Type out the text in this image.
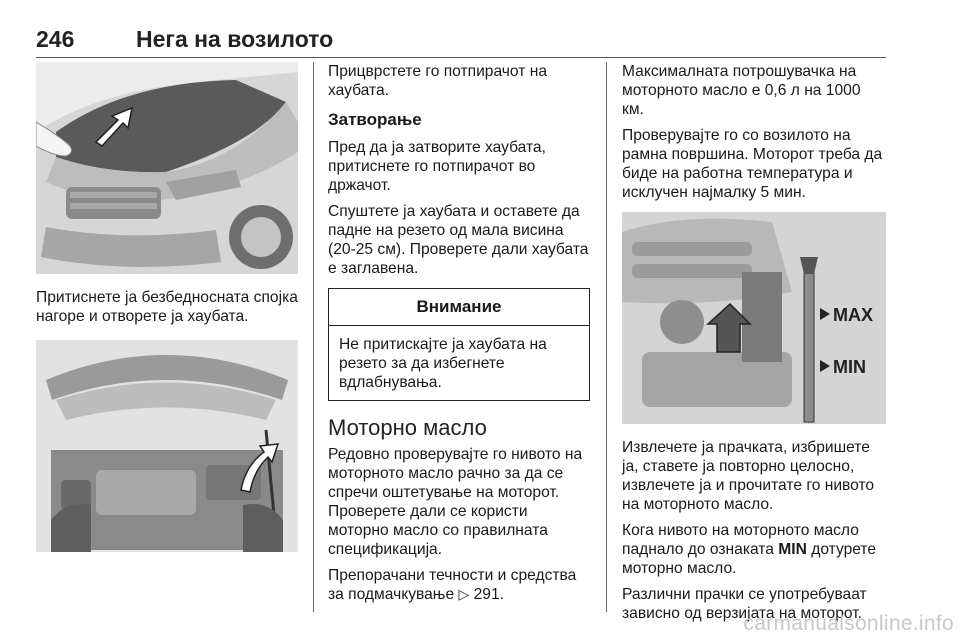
246	Нега на возилото

Притиснете ја безбедносната спојка нагоре и отворете ја хаубата.

Прицврстете го потпирачот на хаубата.

Затворање

Пред да ја затворите хаубата, притиснете го потпирачот во држачот.

Спуштете ја хаубата и оставете да падне на резето од мала висина (20-25 см). Проверете дали хаубата е заглавена.

Внимание
Не притискајте ја хаубата на резето за да избегнете вдлабнувања.
Моторно масло

Редовно проверувајте го нивото на моторното масло рачно за да се спречи оштетување на моторот. Проверете дали се користи моторно масло со правилната спецификација.

Препорачани течности и средства за подмачкување ▷ 291.

Максималната потрошувачка на моторното масло е 0,6 л на 1000 км.

Проверувајте го со возилото на рамна површина. Моторот треба да биде на работна температура и исклучен најмалку 5 мин.

MAX
MIN

Извлечете ја прачката, избришете ја, ставете ја повторно целосно, извлечете ја и прочитате го нивото на моторното масло.

Кога нивото на моторното масло паднало до ознаката MIN дотурете моторно масло.

Различни прачки се употребуваат зависно од верзијата на моторот.

carmanualsonline.info
